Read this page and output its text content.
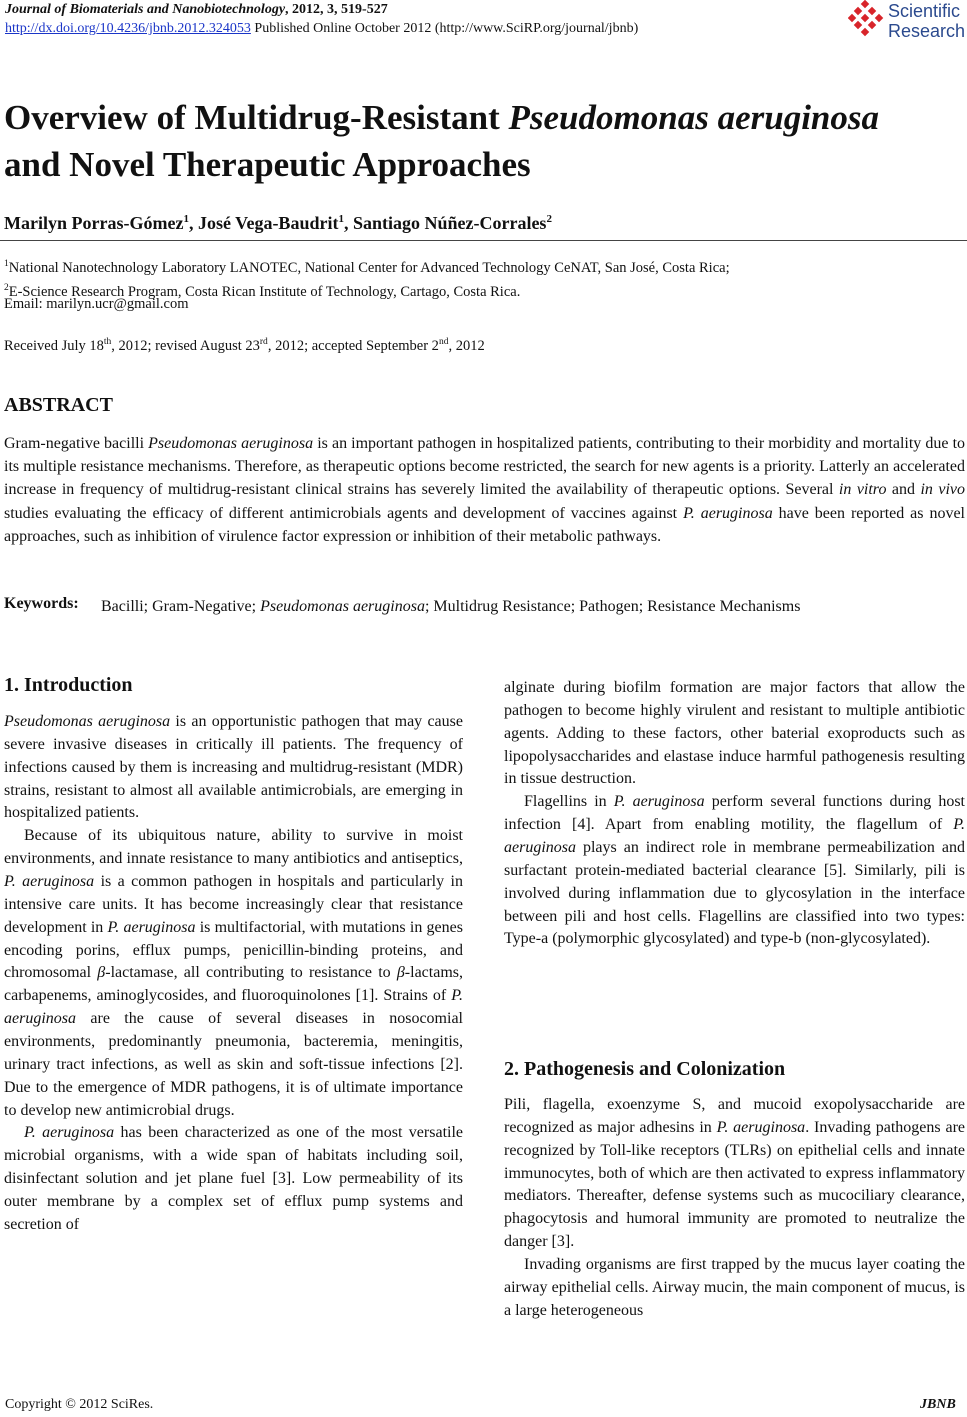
Journal of Biomaterials and Nanobiotechnology, 2012, 3, 519-527
http://dx.doi.org/10.4236/jbnb.2012.324053 Published Online October 2012 (http://www.SciRP.org/journal/jbnb)
Scientific
Research
Overview of Multidrug-Resistant Pseudomonas aeruginosa
and Novel Therapeutic Approaches
Marilyn Porras-Gómez$^1$, José Vega-Baudrit$^1$, Santiago Núñez-Corrales$^2$
$^1$National Nanotechnology Laboratory LANOTEC, National Center for Advanced Technology CeNAT, San José, Costa Rica;
$^2$E-Science Research Program, Costa Rican Institute of Technology, Cartago, Costa Rica.
Email: marilyn.ucr@gmail.com
Received July 18th, 2012; revised August 23rd, 2012; accepted September 2nd, 2012
ABSTRACT
Gram-negative bacilli Pseudomonas aeruginosa is an important pathogen in hospitalized patients, contributing to their morbidity and mortality due to its multiple resistance mechanisms. Therefore, as therapeutic options become restricted, the search for new agents is a priority. Latterly an accelerated increase in frequency of multidrug-resistant clinical strains has severely limited the availability of therapeutic options. Several in vitro and in vivo studies evaluating the efficacy of different antimicrobials agents and development of vaccines against P. aeruginosa have been reported as novel approaches, such as inhibition of virulence factor expression or inhibition of their metabolic pathways.
Keywords: Bacilli; Gram-Negative; Pseudomonas aeruginosa; Multidrug Resistance; Pathogen; Resistance Mechanisms
1. Introduction

Pseudomonas aeruginosa is an opportunistic pathogen that may cause severe invasive diseases in critically ill patients. The frequency of infections caused by them is increasing and multidrug-resistant (MDR) strains, resistant to almost all available antimicrobials, are emerging in hospitalized patients.

Because of its ubiquitous nature, ability to survive in moist environments, and innate resistance to many antibiotics and antiseptics, P. aeruginosa is a common pathogen in hospitals and particularly in intensive care units. It has become increasingly clear that resistance development in P. aeruginosa is multifactorial, with mutations in genes encoding porins, efflux pumps, penicillin-binding proteins, and chromosomal β-lactamase, all contributing to resistance to β-lactams, carbapenems, aminoglycosides, and fluoroquinolones [1]. Strains of P. aeruginosa are the cause of several diseases in nosocomial environments, predominantly pneumonia, bacteremia, meningitis, urinary tract infections, as well as skin and soft-tissue infections [2]. Due to the emergence of MDR pathogens, it is of ultimate importance to develop new antimicrobial drugs.

P. aeruginosa has been characterized as one of the most versatile microbial organisms, with a wide span of habitats including soil, disinfectant solution and jet plane fuel [3]. Low permeability of its outer membrane by a complex set of efflux pump systems and secretion of

alginate during biofilm formation are major factors that allow the pathogen to become highly virulent and resistant to multiple antibiotic agents. Adding to these factors, other baterial exoproducts such as lipopolysaccharides and elastase induce harmful pathogenesis resulting in tissue destruction.

Flagellins in P. aeruginosa perform several functions during host infection [4]. Apart from enabling motility, the flagellum of P. aeruginosa plays an indirect role in membrane permeabilization and surfactant protein-mediated bacterial clearance [5]. Similarly, pili is involved during inflammation due to glycosylation in the interface between pili and host cells. Flagellins are classified into two types: Type-a (polymorphic glycosylated) and type-b (non-glycosylated).

2. Pathogenesis and Colonization

Pili, flagella, exoenzyme S, and mucoid exopolysaccharide are recognized as major adhesins in P. aeruginosa. Invading pathogens are recognized by Toll-like receptors (TLRs) on epithelial cells and innate immunocytes, both of which are then activated to express inflammatory mediators. Thereafter, defense systems such as mucociliary clearance, phagocytosis and humoral immunity are promoted to neutralize the danger [3].

Invading organisms are first trapped by the mucus layer coating the airway epithelial cells. Airway mucin, the main component of mucus, is a large heterogeneous

Copyright © 2012 SciRes.	JBNB
